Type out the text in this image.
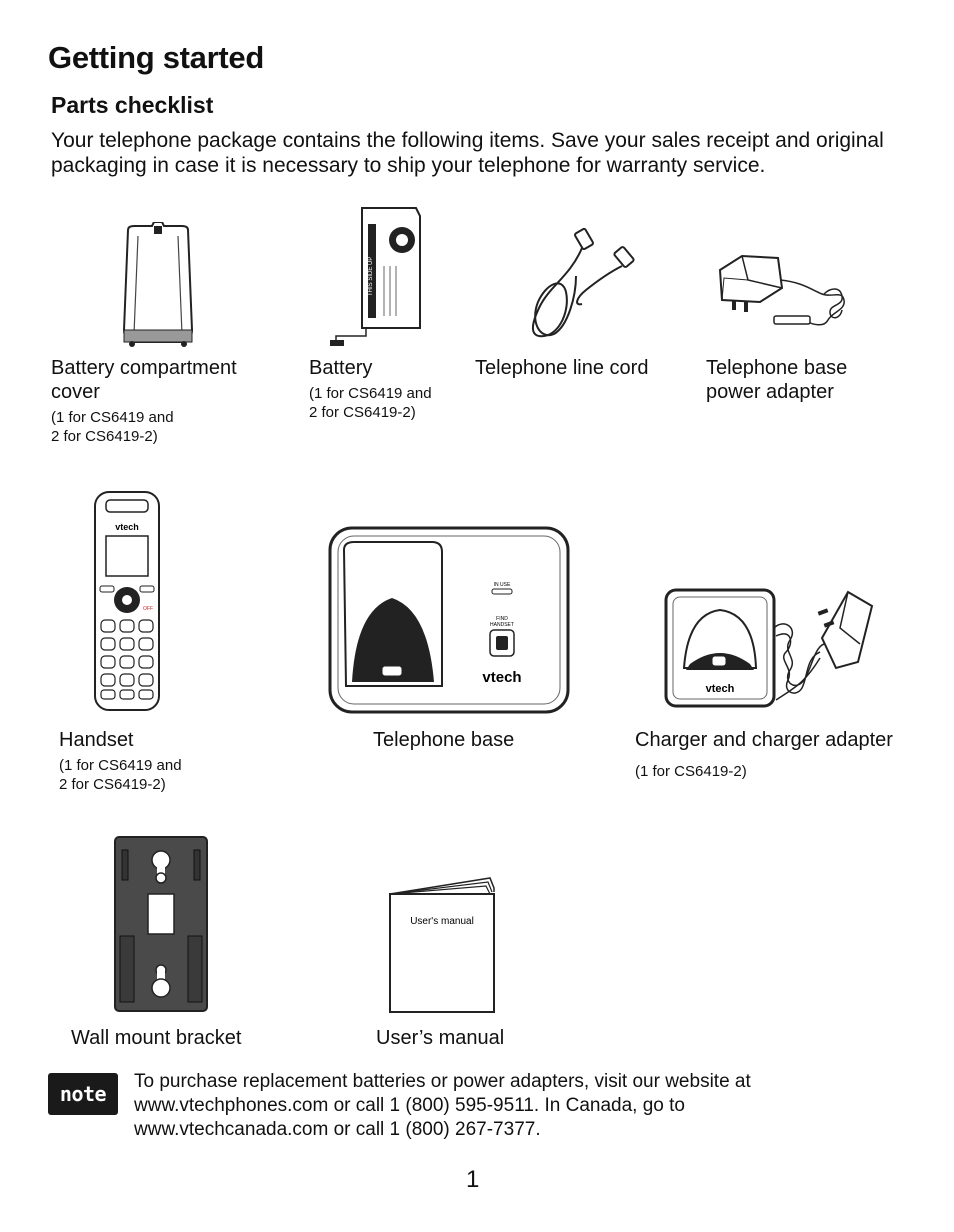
Getting started
Parts checklist

Your telephone package contains the following items. Save your sales receipt and original packaging in case it is necessary to ship your telephone for warranty service.

THIS SIDE UP
vtech
OFF
IN USE
FIND
HANDSET
vtech
vtech
User's manual

Battery compartment cover

(1 for CS6419 and
2 for CS6419-2)

Battery

(1 for CS6419 and
2 for CS6419-2)

Telephone line cord	Telephone base power adapter

Handset

(1 for CS6419 and
2 for CS6419-2)

Telephone base	Charger and charger adapter

(1 for CS6419-2)

Wall mount bracket	User’s manual

note

To purchase replacement batteries or power adapters, visit our website at
www.vtechphones.com or call 1 (800) 595-9511. In Canada, go to
www.vtechcanada.com or call 1 (800) 267-7377.

1
